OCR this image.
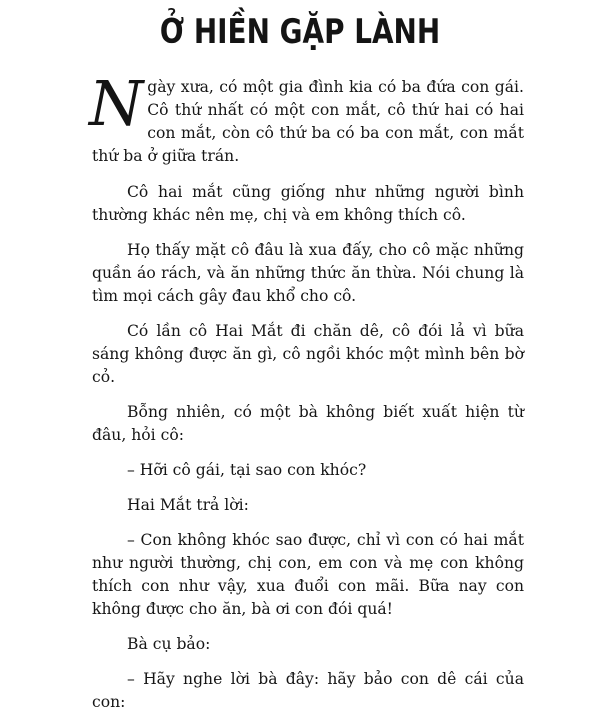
Ở HIỀN GẶP LÀNH

Ngày xưa, có một gia đình kia có ba đứa con gái. Cô thứ nhất có một con mắt, cô thứ hai có hai con mắt, còn cô thứ ba có ba con mắt, con mắt thứ ba ở giữa trán.

Cô hai mắt cũng giống như những người bình thường khác nên mẹ, chị và em không thích cô.

Họ thấy mặt cô đâu là xua đấy, cho cô mặc những quần áo rách, và ăn những thức ăn thừa. Nói chung là tìm mọi cách gây đau khổ cho cô.

Có lần cô Hai Mắt đi chăn dê, cô đói lả vì bữa sáng không được ăn gì, cô ngồi khóc một mình bên bờ cỏ.

Bỗng nhiên, có một bà không biết xuất hiện từ đâu, hỏi cô:

– Hỡi cô gái, tại sao con khóc?

Hai Mắt trả lời:

– Con không khóc sao được, chỉ vì con có hai mắt như người thường, chị con, em con và mẹ con không thích con như vậy, xua đuổi con mãi. Bữa nay con không được cho ăn, bà ơi con đói quá!

Bà cụ bảo:

– Hãy nghe lời bà đây: hãy bảo con dê cái của con:
